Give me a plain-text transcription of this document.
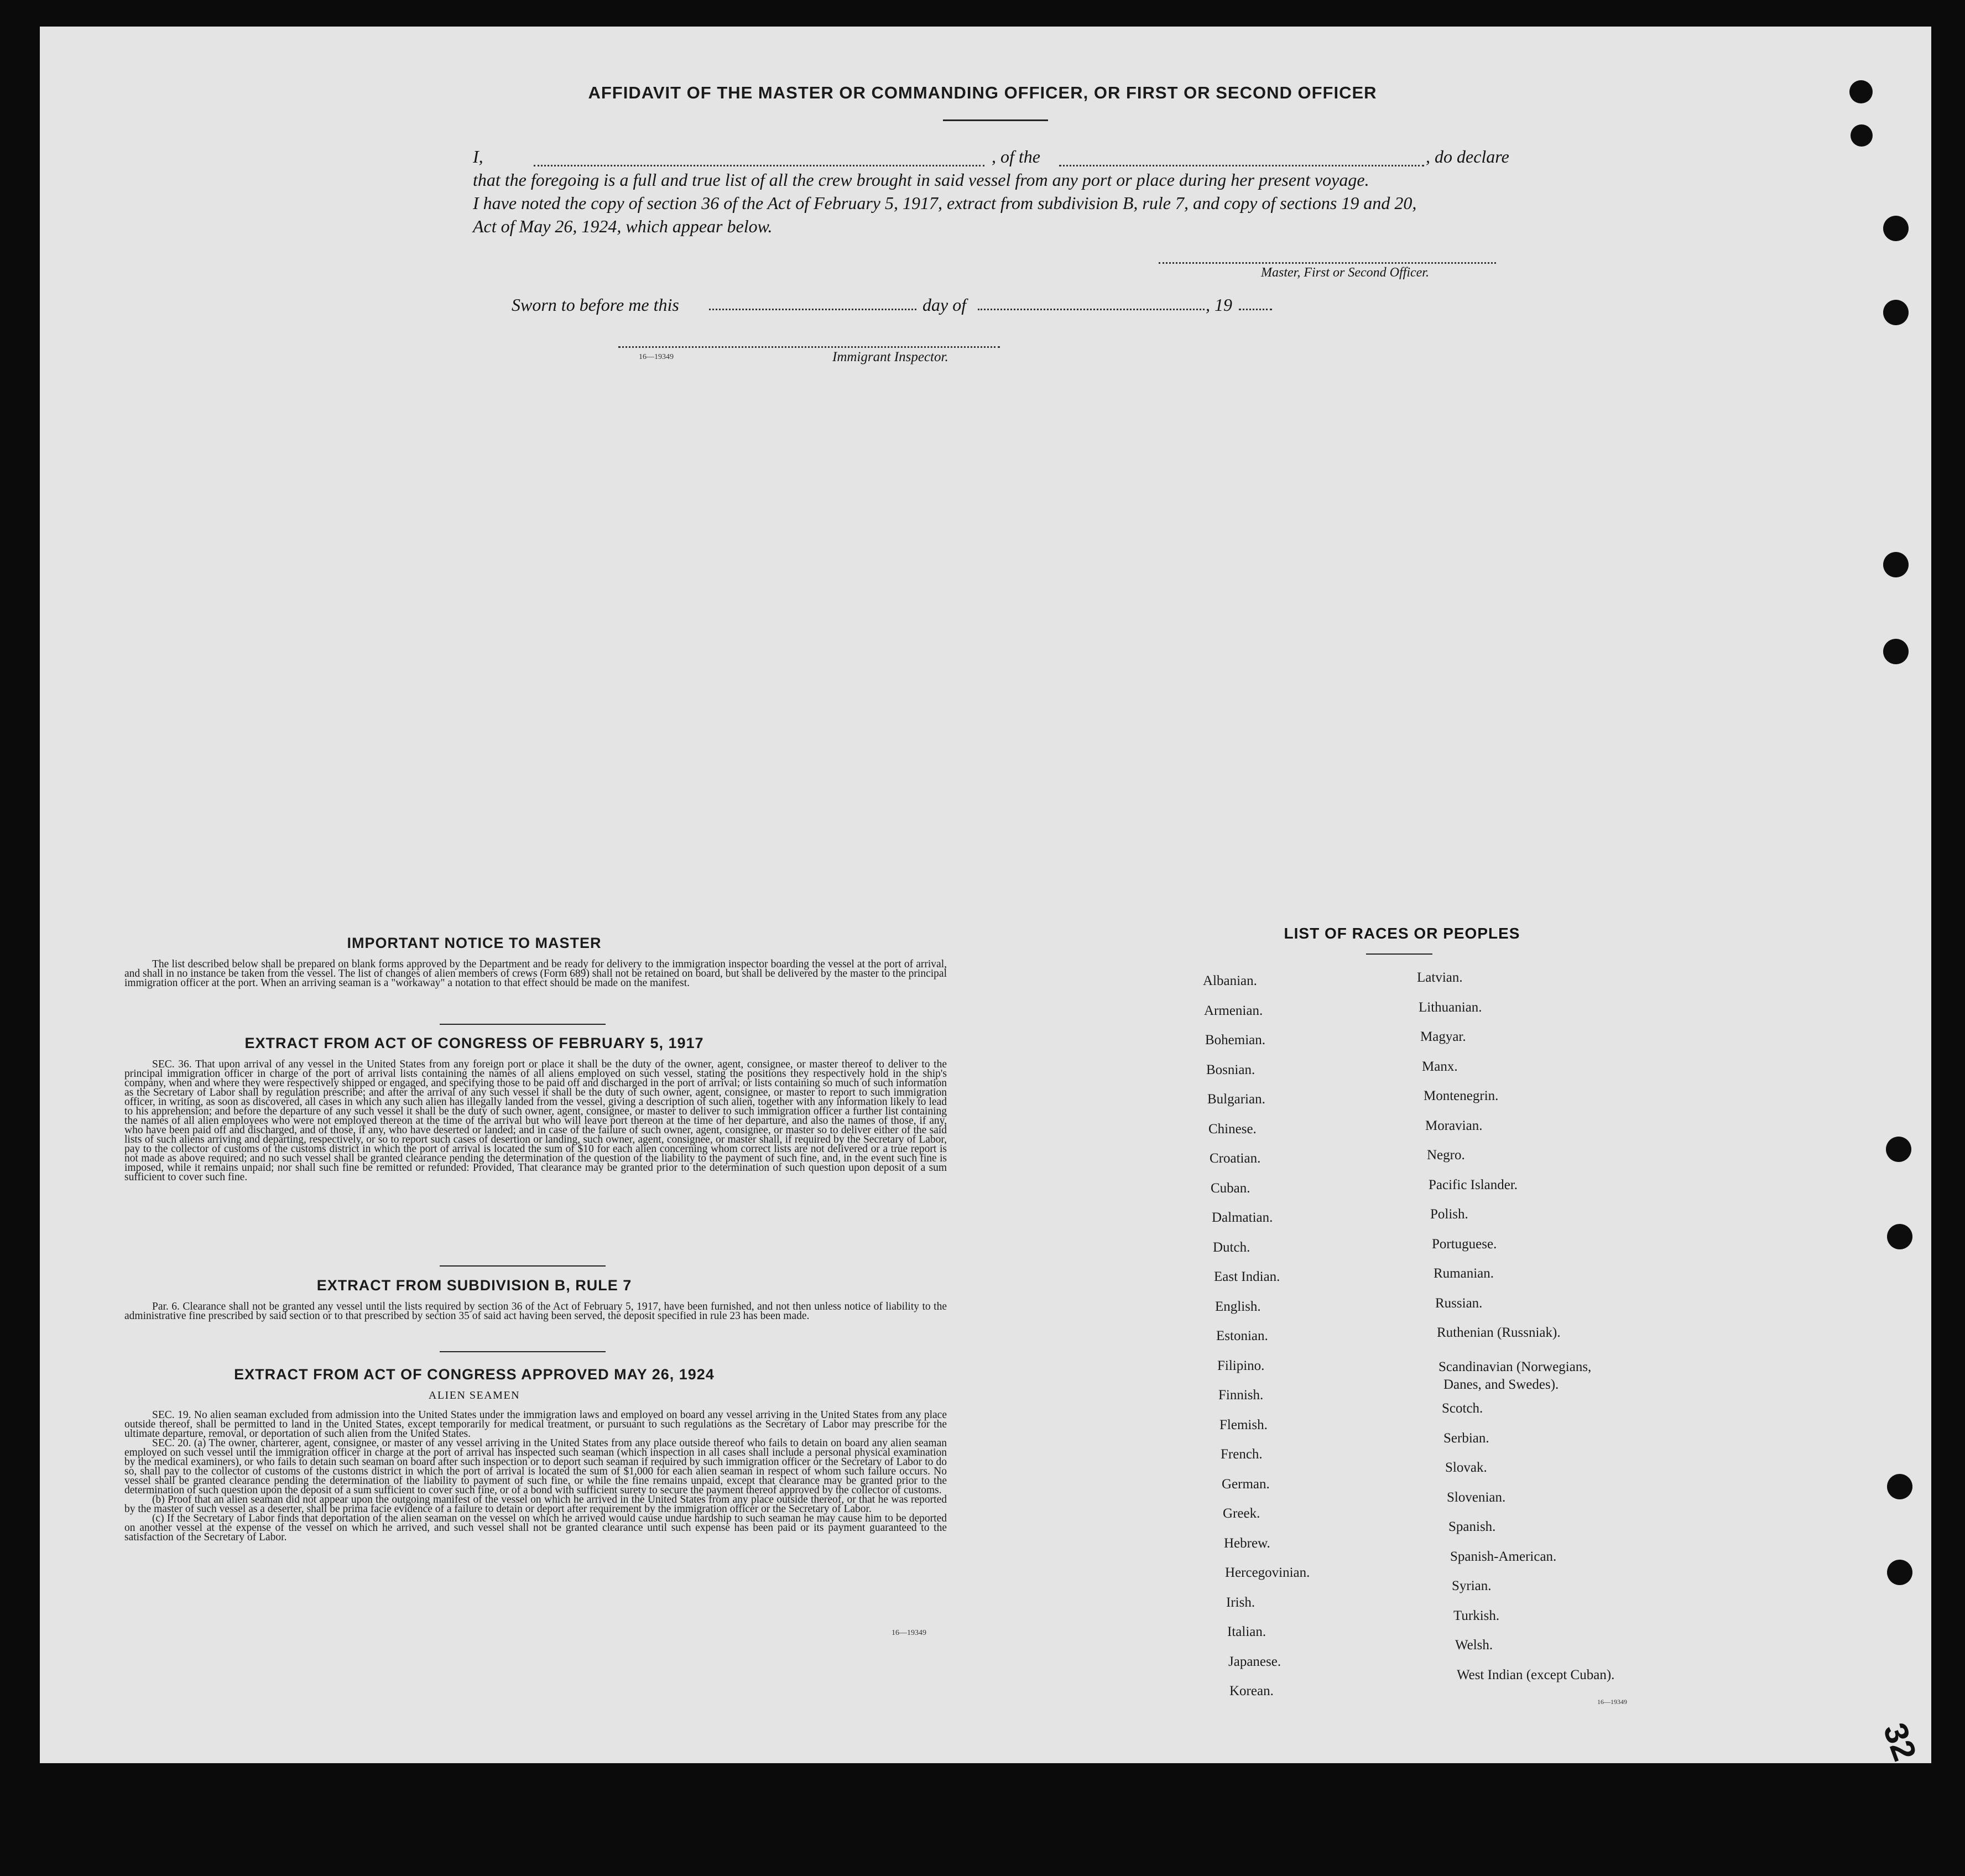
AFFIDAVIT OF THE MASTER OR COMMANDING OFFICER, OR FIRST OR SECOND OFFICER
I,	, of the	, do declare
that the foregoing is a full and true list of all the crew brought in said vessel from any port or place during her present voyage.
I have noted the copy of section 36 of the Act of February 5, 1917, extract from subdivision B, rule 7, and copy of sections 19 and 20,
Act of May 26, 1924, which appear below.
Master, First or Second Officer.
Sworn to before me this	day of	, 19
16—19349	Immigrant Inspector.
IMPORTANT NOTICE TO MASTER

The list described below shall be prepared on blank forms approved by the Department and be ready for delivery to the immigration inspector boarding the vessel at the port of arrival, and shall in no instance be taken from the vessel. The list of changes of alien members of crews (Form 689) shall not be retained on board, but shall be delivered by the master to the principal immigration officer at the port. When an arriving seaman is a "workaway" a notation to that effect should be made on the manifest.

EXTRACT FROM ACT OF CONGRESS OF FEBRUARY 5, 1917

SEC. 36. That upon arrival of any vessel in the United States from any foreign port or place it shall be the duty of the owner, agent, consignee, or master thereof to deliver to the principal immigration officer in charge of the port of arrival lists containing the names of all aliens employed on such vessel, stating the positions they respectively hold in the ship's company, when and where they were respectively shipped or engaged, and specifying those to be paid off and discharged in the port of arrival; or lists containing so much of such information as the Secretary of Labor shall by regulation prescribe; and after the arrival of any such vessel it shall be the duty of such owner, agent, consignee, or master to report to such immigration officer, in writing, as soon as discovered, all cases in which any such alien has illegally landed from the vessel, giving a description of such alien, together with any information likely to lead to his apprehension; and before the departure of any such vessel it shall be the duty of such owner, agent, consignee, or master to deliver to such immigration officer a further list containing the names of all alien employees who were not employed thereon at the time of the arrival but who will leave port thereon at the time of her departure, and also the names of those, if any, who have been paid off and discharged, and of those, if any, who have deserted or landed; and in case of the failure of such owner, agent, consignee, or master so to deliver either of the said lists of such aliens arriving and departing, respectively, or so to report such cases of desertion or landing, such owner, agent, consignee, or master shall, if required by the Secretary of Labor, pay to the collector of customs of the customs district in which the port of arrival is located the sum of $10 for each alien concerning whom correct lists are not delivered or a true report is not made as above required; and no such vessel shall be granted clearance pending the determination of the question of the liability to the payment of such fine, and, in the event such fine is imposed, while it remains unpaid; nor shall such fine be remitted or refunded: Provided, That clearance may be granted prior to the determination of such question upon deposit of a sum sufficient to cover such fine.

EXTRACT FROM SUBDIVISION B, RULE 7

Par. 6. Clearance shall not be granted any vessel until the lists required by section 36 of the Act of February 5, 1917, have been furnished, and not then unless notice of liability to the administrative fine prescribed by said section or to that prescribed by section 35 of said act having been served, the deposit specified in rule 23 has been made.

EXTRACT FROM ACT OF CONGRESS APPROVED MAY 26, 1924
ALIEN SEAMEN

SEC. 19. No alien seaman excluded from admission into the United States under the immigration laws and employed on board any vessel arriving in the United States from any place outside thereof, shall be permitted to land in the United States, except temporarily for medical treatment, or pursuant to such regulations as the Secretary of Labor may prescribe for the ultimate departure, removal, or deportation of such alien from the United States.

SEC. 20. (a) The owner, charterer, agent, consignee, or master of any vessel arriving in the United States from any place outside thereof who fails to detain on board any alien seaman employed on such vessel until the immigration officer in charge at the port of arrival has inspected such seaman (which inspection in all cases shall include a personal physical examination by the medical examiners), or who fails to detain such seaman on board after such inspection or to deport such seaman if required by such immigration officer or the Secretary of Labor to do so, shall pay to the collector of customs of the customs district in which the port of arrival is located the sum of $1,000 for each alien seaman in respect of whom such failure occurs. No vessel shall be granted clearance pending the determination of the liability to payment of such fine, or while the fine remains unpaid, except that clearance may be granted prior to the determination of such question upon the deposit of a sum sufficient to cover such fine, or of a bond with sufficient surety to secure the payment thereof approved by the collector of customs.

(b) Proof that an alien seaman did not appear upon the outgoing manifest of the vessel on which he arrived in the United States from any place outside thereof, or that he was reported by the master of such vessel as a deserter, shall be prima facie evidence of a failure to detain or deport after requirement by the immigration officer or the Secretary of Labor.

(c) If the Secretary of Labor finds that deportation of the alien seaman on the vessel on which he arrived would cause undue hardship to such seaman he may cause him to be deported on another vessel at the expense of the vessel on which he arrived, and such vessel shall not be granted clearance until such expense has been paid or its payment guaranteed to the satisfaction of the Secretary of Labor.

16—19349
LIST OF RACES OR PEOPLES
Albanian.
Armenian.
Bohemian.
Bosnian.
Bulgarian.
Chinese.
Croatian.
Cuban.
Dalmatian.
Dutch.
East Indian.
English.
Estonian.
Filipino.
Finnish.
Flemish.
French.
German.
Greek.
Hebrew.
Hercegovinian.
Irish.
Italian.
Japanese.
Korean.
Latvian.
Lithuanian.
Magyar.
Manx.
Montenegrin.
Moravian.
Negro.
Pacific Islander.
Polish.
Portuguese.
Rumanian.
Russian.
Ruthenian (Russniak).
Scandinavian (Norwegians,
Danes, and Swedes).
Scotch.
Serbian.
Slovak.
Slovenian.
Spanish.
Spanish-American.
Syrian.
Turkish.
Welsh.
West Indian (except Cuban).
16—19349
32
